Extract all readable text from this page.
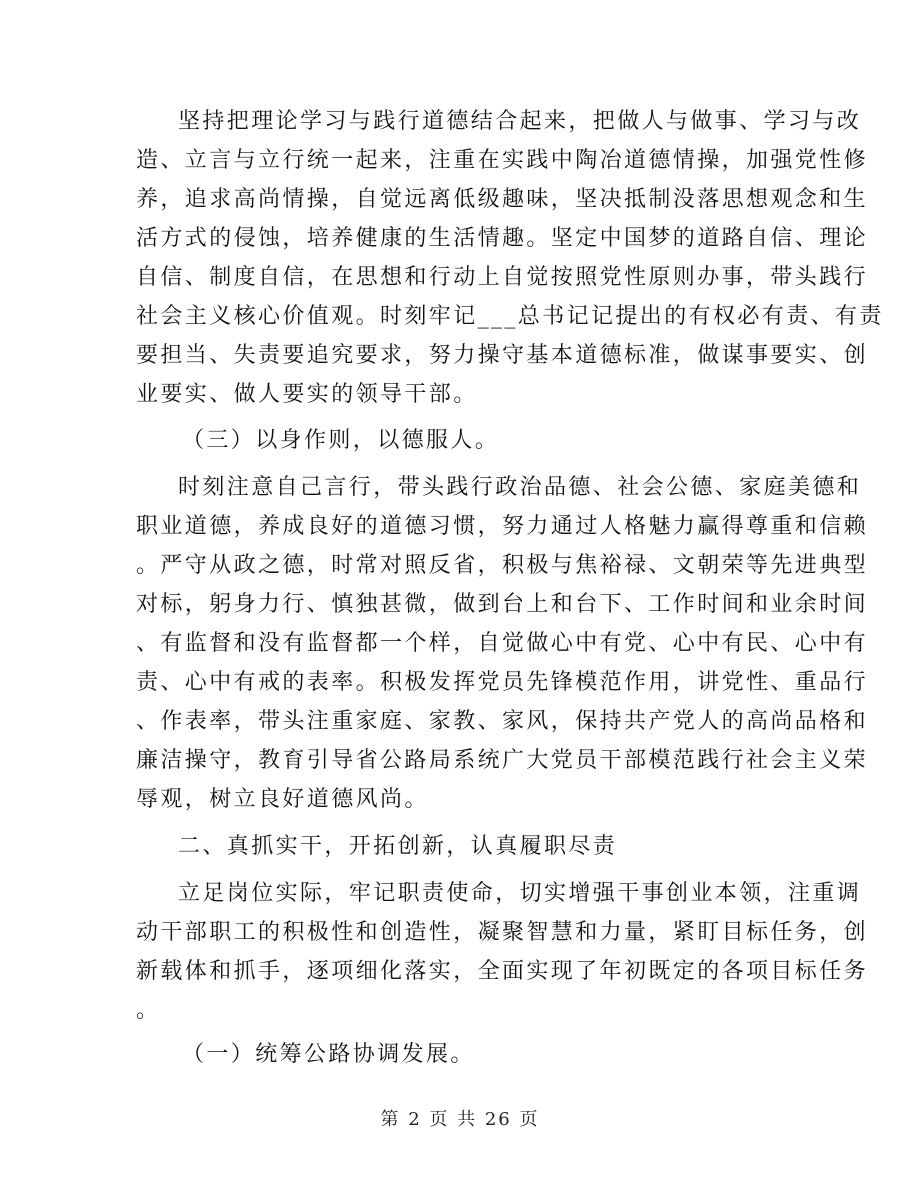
坚持把理论学习与践行道德结合起来，把做人与做事、学习与改

造、立言与立行统一起来，注重在实践中陶冶道德情操，加强党性修

养，追求高尚情操，自觉远离低级趣味，坚决抵制没落思想观念和生

活方式的侵蚀，培养健康的生活情趣。坚定中国梦的道路自信、理论

自信、制度自信，在思想和行动上自觉按照党性原则办事，带头践行

社会主义核心价值观。时刻牢记___总书记记提出的有权必有责、有责

要担当、失责要追究要求，努力操守基本道德标准，做谋事要实、创

业要实、做人要实的领导干部。

（三）以身作则，以德服人。

时刻注意自己言行，带头践行政治品德、社会公德、家庭美德和

职业道德，养成良好的道德习惯，努力通过人格魅力赢得尊重和信赖

。严守从政之德，时常对照反省，积极与焦裕禄、文朝荣等先进典型

对标，躬身力行、慎独甚微，做到台上和台下、工作时间和业余时间

、有监督和没有监督都一个样，自觉做心中有党、心中有民、心中有

责、心中有戒的表率。积极发挥党员先锋模范作用，讲党性、重品行

、作表率，带头注重家庭、家教、家风，保持共产党人的高尚品格和

廉洁操守，教育引导省公路局系统广大党员干部模范践行社会主义荣

辱观，树立良好道德风尚。

二、真抓实干，开拓创新，认真履职尽责

立足岗位实际，牢记职责使命，切实增强干事创业本领，注重调

动干部职工的积极性和创造性，凝聚智慧和力量，紧盯目标任务，创

新载体和抓手，逐项细化落实，全面实现了年初既定的各项目标任务

。

（一）统筹公路协调发展。

第 2 页 共 26 页
